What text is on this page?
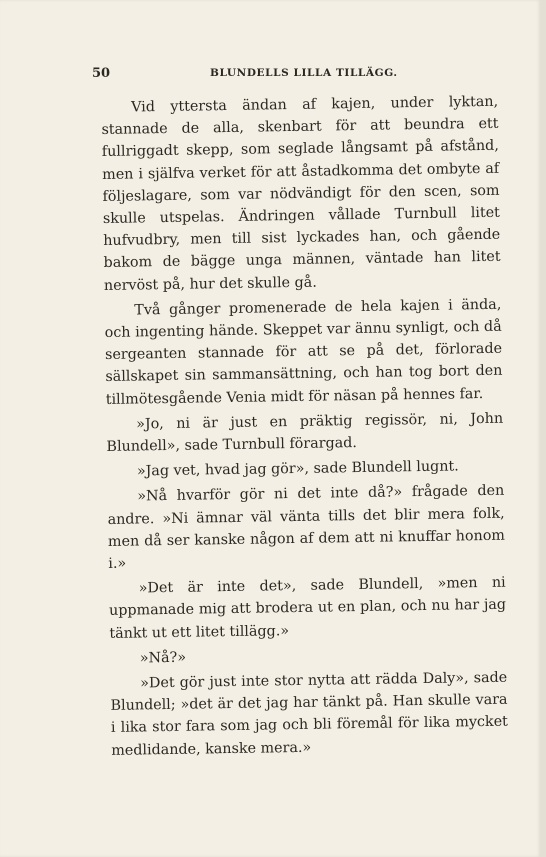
50	BLUNDELLS LILLA TILLÄGG.

Vid yttersta ändan af kajen, under lyktan, stannade de alla, skenbart för att beundra ett fullriggadt skepp, som seglade långsamt på afstånd, men i själfva verket för att åstadkomma det ombyte af följeslagare, som var nödvändigt för den scen, som skulle utspelas. Ändringen vållade Turnbull litet hufvudbry, men till sist lyckades han, och gående bakom de bägge unga männen, väntade han litet nervöst på, hur det skulle gå.

Två gånger promenerade de hela kajen i ända, och ingenting hände. Skeppet var ännu synligt, och då sergeanten stannade för att se på det, förlorade sällskapet sin sammansättning, och han tog bort den tillmötesgående Venia midt för näsan på hennes far.

»Jo, ni är just en präktig regissör, ni, John Blundell», sade Turnbull förargad.

»Jag vet, hvad jag gör», sade Blundell lugnt.

»Nå hvarför gör ni det inte då?» frågade den andre. »Ni ämnar väl vänta tills det blir mera folk, men då ser kanske någon af dem att ni knuffar honom i.»

»Det är inte det», sade Blundell, »men ni uppmanade mig att brodera ut en plan, och nu har jag tänkt ut ett litet tillägg.»

»Nå?»

»Det gör just inte stor nytta att rädda Daly», sade Blundell; »det är det jag har tänkt på. Han skulle vara i lika stor fara som jag och bli föremål för lika mycket medlidande, kanske mera.»
